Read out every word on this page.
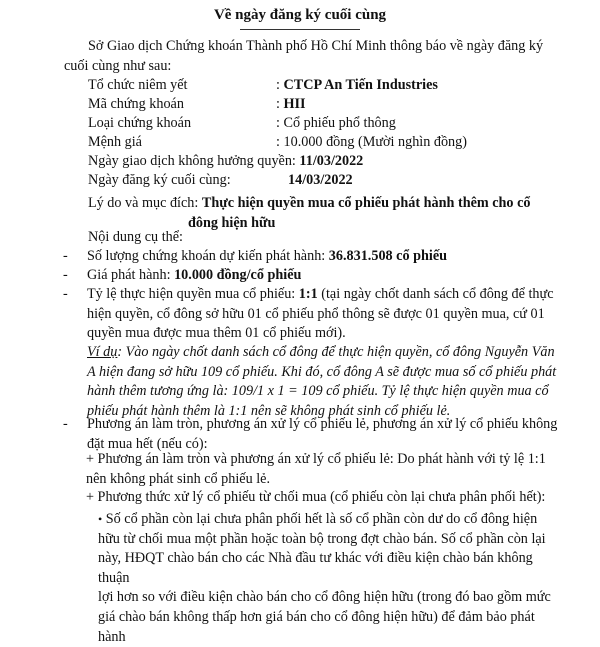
Về ngày đăng ký cuối cùng
Sở Giao dịch Chứng khoán Thành phố Hồ Chí Minh thông báo về ngày đăng ký
cuối cùng như sau:
Tổ chức niêm yết	: CTCP An Tiến Industries
Mã chứng khoán	: HII
Loại chứng khoán	: Cổ phiếu phổ thông
Mệnh giá	: 10.000 đồng (Mười nghìn đồng)
Ngày giao dịch không hưởng quyền: 11/03/2022
Ngày đăng ký cuối cùng:	14/03/2022
Lý do và mục đích: Thực hiện quyền mua cổ phiếu phát hành thêm cho cổ
đông hiện hữu
Nội dung cụ thể:
- Số lượng chứng khoán dự kiến phát hành: 36.831.508 cổ phiếu
- Giá phát hành: 10.000 đồng/cổ phiếu
- Tỷ lệ thực hiện quyền mua cổ phiếu: 1:1 (tại ngày chốt danh sách cổ đông để thực
hiện quyền, cổ đông sở hữu 01 cổ phiếu phổ thông sẽ được 01 quyền mua, cứ 01
quyền mua được mua thêm 01 cổ phiếu mới).
Ví dụ: Vào ngày chốt danh sách cổ đông để thực hiện quyền, cổ đông Nguyễn Văn
A hiện đang sở hữu 109 cổ phiếu. Khi đó, cổ đông A sẽ được mua số cổ phiếu phát
hành thêm tương ứng là: 109/1 x 1 = 109 cổ phiếu. Tỷ lệ thực hiện quyền mua cổ
phiếu phát hành thêm là 1:1 nên sẽ không phát sinh cổ phiếu lẻ.
- Phương án làm tròn, phương án xử lý cổ phiếu lẻ, phương án xử lý cổ phiếu không
đặt mua hết (nếu có):
+ Phương án làm tròn và phương án xử lý cổ phiếu lẻ: Do phát hành với tỷ lệ 1:1
nên không phát sinh cổ phiếu lẻ.
+ Phương thức xử lý cổ phiếu từ chối mua (cổ phiếu còn lại chưa phân phối hết):
• Số cổ phần còn lại chưa phân phối hết là số cổ phần còn dư do cổ đông hiện
hữu từ chối mua một phần hoặc toàn bộ trong đợt chào bán. Số cổ phần còn lại
này, HĐQT chào bán cho các Nhà đầu tư khác với điều kiện chào bán không thuận
lợi hơn so với điều kiện chào bán cho cổ đông hiện hữu (trong đó bao gồm mức
giá chào bán không thấp hơn giá bán cho cổ đông hiện hữu) để đảm bảo phát hành
